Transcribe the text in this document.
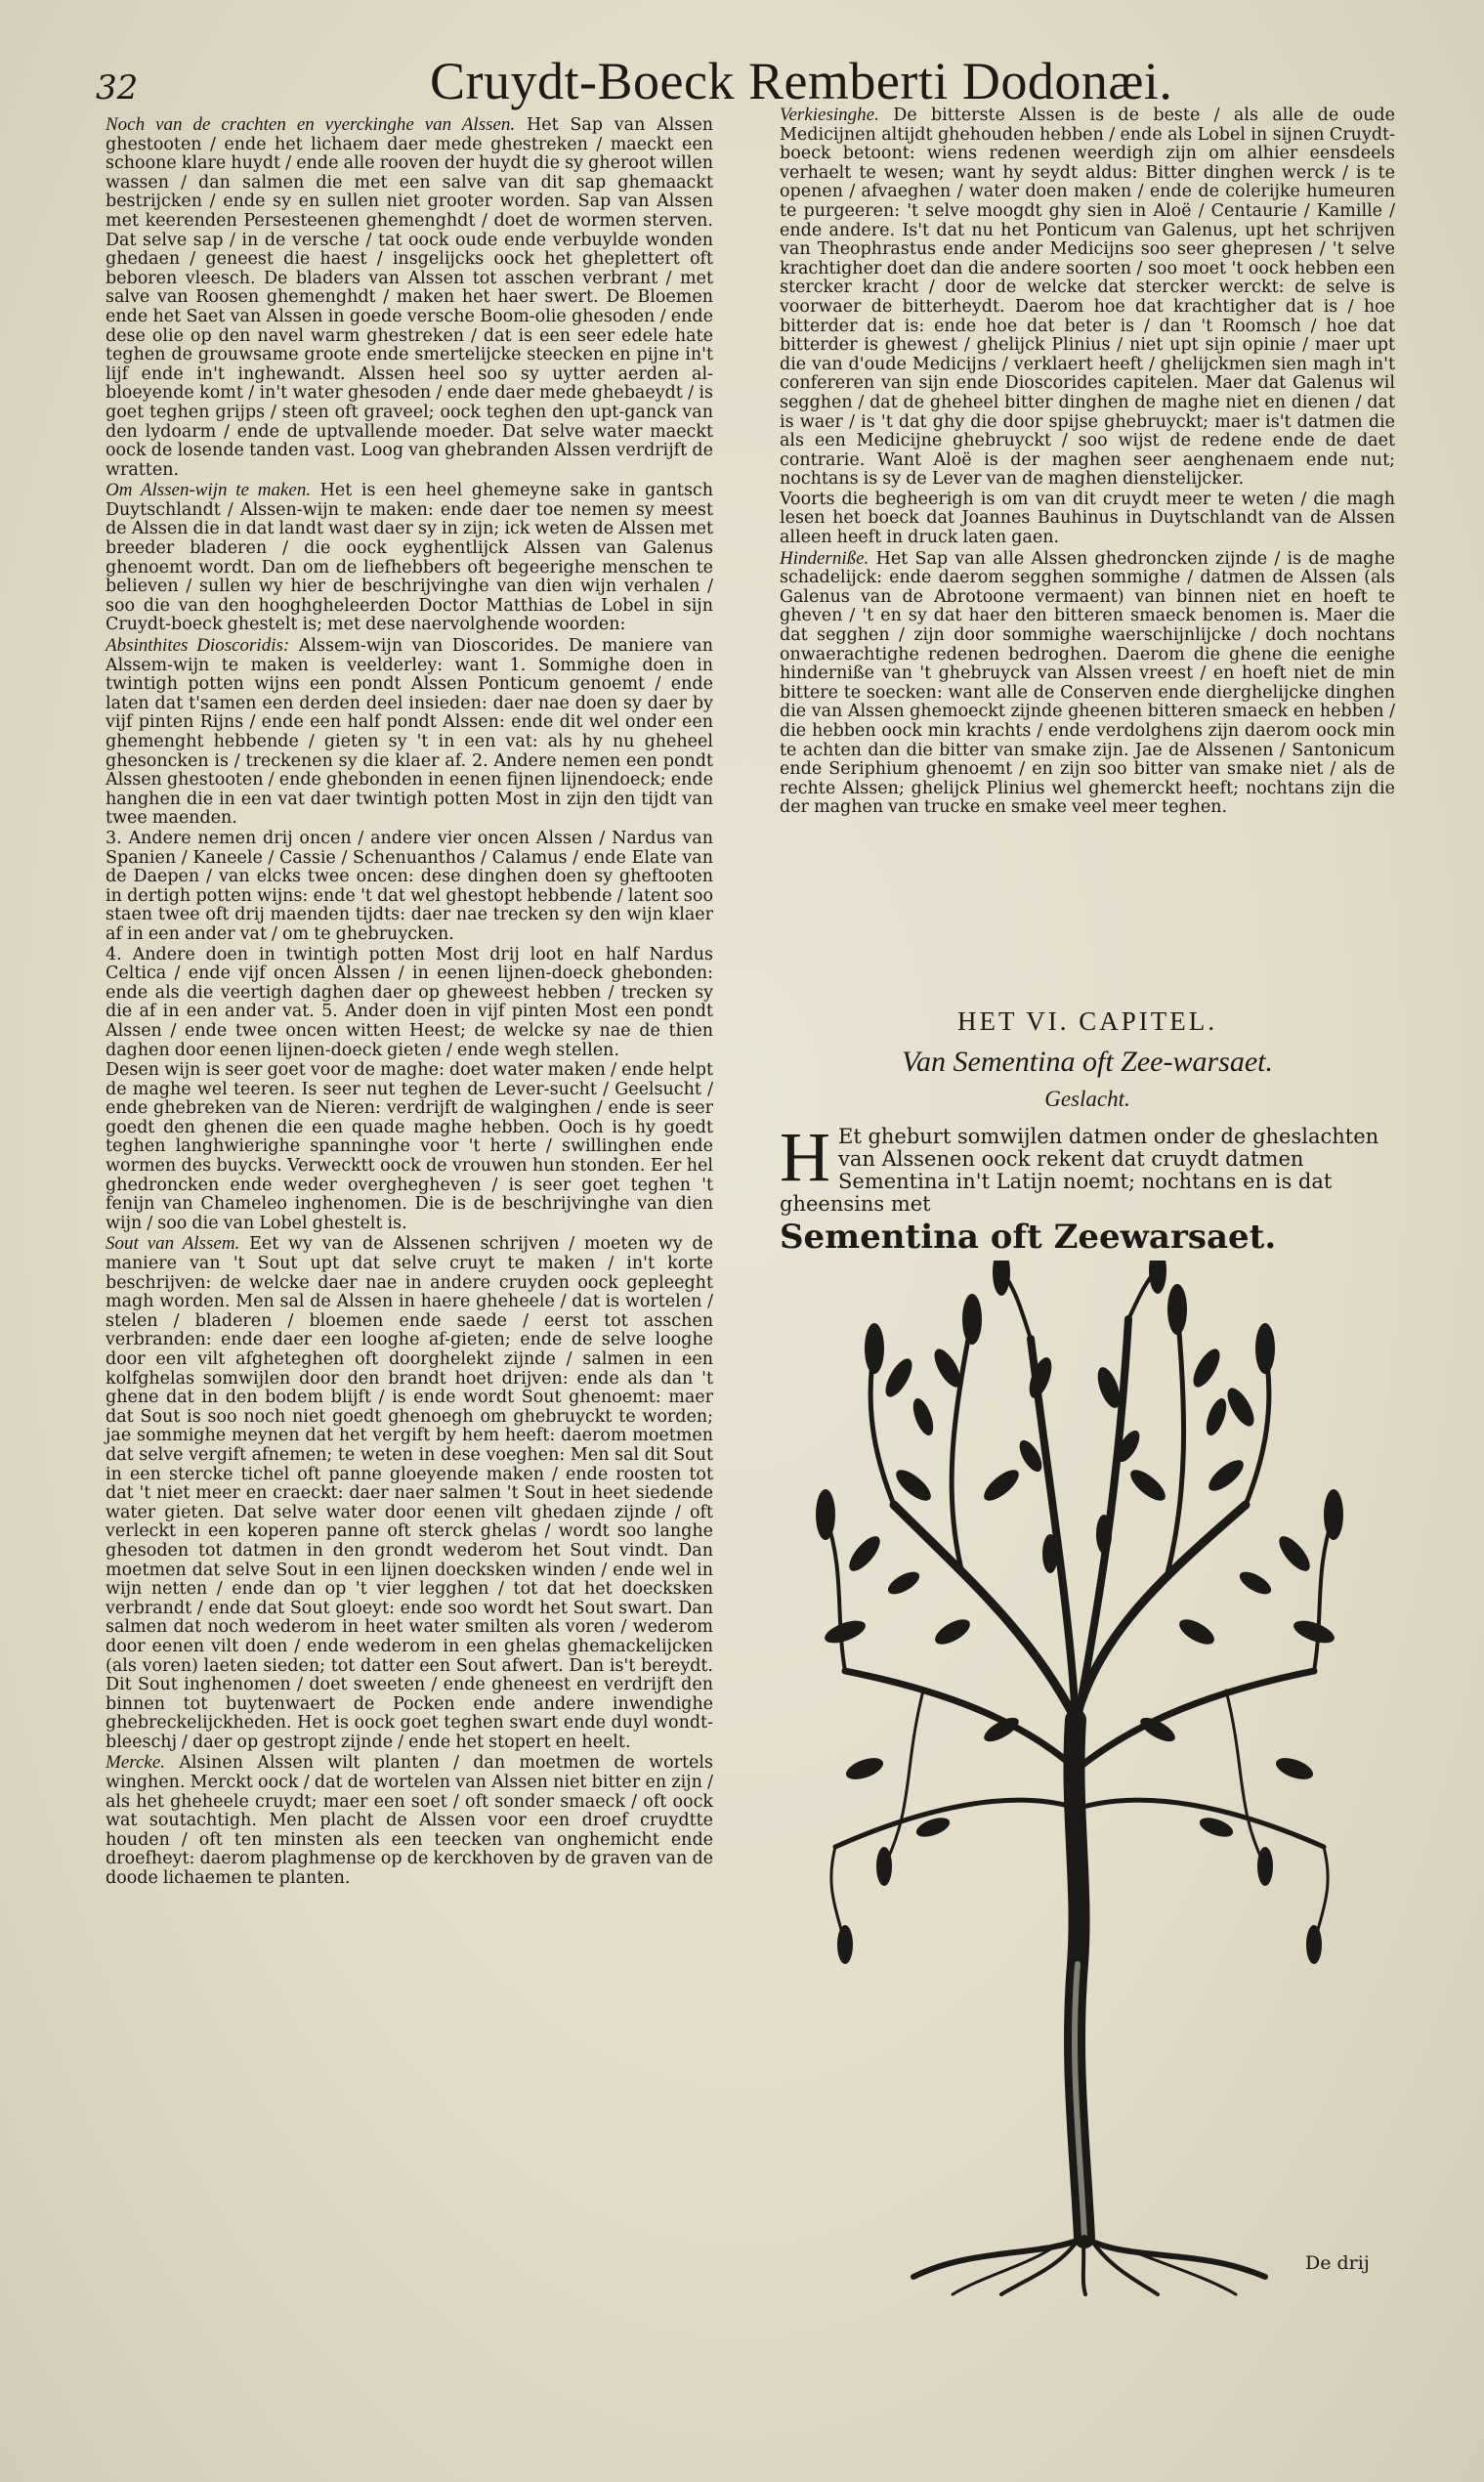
32	Cruydt-Boeck Remberti Dodonæi.

Noch van de crachten en vyerckinghe van Alssen. Het Sap van Alssen ghestooten / ende het lichaem daer mede ghestreken / maeckt een schoone klare huydt / ende alle rooven der huydt die sy gheroot willen wassen / dan salmen die met een salve van dit sap ghemaackt bestrijcken / ende sy en sullen niet grooter worden. Sap van Alssen met keerenden Persesteenen ghemenghdt / doet de wormen sterven. Dat selve sap / in de versche / tat oock oude ende verbuylde wonden ghedaen / geneest die haest / insgelijcks oock het gheplettert oft beboren vleesch. De bladers van Alssen tot asschen verbrant / met salve van Roosen ghemenghdt / maken het haer swert. De Bloemen ende het Saet van Alssen in goede versche Boom-olie ghesoden / ende dese olie op den navel warm ghestreken / dat is een seer edele hate teghen de grouwsame groote ende smertelijcke steecken en pijne in't lijf ende in't inghewandt. Alssen heel soo sy uytter aerden al-bloeyende komt / in't water ghesoden / ende daer mede ghebaeydt / is goet teghen grijps / steen oft graveel; oock teghen den upt-ganck van den lydoarm / ende de uptvallende moeder. Dat selve water maeckt oock de losende tanden vast. Loog van ghebranden Alssen verdrijft de wratten.

Om Alssen-wijn te maken. Het is een heel ghemeyne sake in gantsch Duytschlandt / Alssen-wijn te maken: ende daer toe nemen sy meest de Alssen die in dat landt wast daer sy in zijn; ick weten de Alssen met breeder bladeren / die oock eyghentlijck Alssen van Galenus ghenoemt wordt. Dan om de liefhebbers oft begeerighe menschen te believen / sullen wy hier de beschrijvinghe van dien wijn verhalen / soo die van den hooghgheleerden Doctor Matthias de Lobel in sijn Cruydt-boeck ghestelt is; met dese naervolghende woorden:

Absinthites Dioscoridis: Alssem-wijn van Dioscorides. De maniere van Alssem-wijn te maken is veelderley: want 1. Sommighe doen in twintigh potten wijns een pondt Alssen Ponticum genoemt / ende laten dat t'samen een derden deel insieden: daer nae doen sy daer by vijf pinten Rijns / ende een half pondt Alssen: ende dit wel onder een ghemenght hebbende / gieten sy 't in een vat: als hy nu gheheel ghesoncken is / treckenen sy die klaer af. 2. Andere nemen een pondt Alssen ghestooten / ende ghebonden in eenen fijnen lijnendoeck; ende hanghen die in een vat daer twintigh potten Most in zijn den tijdt van twee maenden.

3. Andere nemen drij oncen / andere vier oncen Alssen / Nardus van Spanien / Kaneele / Cassie / Schenuanthos / Calamus / ende Elate van de Daepen / van elcks twee oncen: dese dinghen doen sy gheftooten in dertigh potten wijns: ende 't dat wel ghestopt hebbende / latent soo staen twee oft drij maenden tijdts: daer nae trecken sy den wijn klaer af in een ander vat / om te ghebruycken.

4. Andere doen in twintigh potten Most drij loot en half Nardus Celtica / ende vijf oncen Alssen / in eenen lijnen-doeck ghebonden: ende als die veertigh daghen daer op gheweest hebben / trecken sy die af in een ander vat. 5. Ander doen in vijf pinten Most een pondt Alssen / ende twee oncen witten Heest; de welcke sy nae de thien daghen door eenen lijnen-doeck gieten / ende wegh stellen.

Desen wijn is seer goet voor de maghe: doet water maken / ende helpt de maghe wel teeren. Is seer nut teghen de Lever-sucht / Geelsucht / ende ghebreken van de Nieren: verdrijft de walginghen / ende is seer goedt den ghenen die een quade maghe hebben. Ooch is hy goedt teghen langhwierighe spanninghe voor 't herte / swillinghen ende wormen des buycks. Verwecktt oock de vrouwen hun stonden. Eer hel ghedroncken ende weder overghegheven / is seer goet teghen 't fenijn van Chameleo inghenomen. Die is de beschrijvinghe van dien wijn / soo die van Lobel ghestelt is.

Sout van Alssem. Eet wy van de Alssenen schrijven / moeten wy de maniere van 't Sout upt dat selve cruyt te maken / in't korte beschrijven: de welcke daer nae in andere cruyden oock gepleeght magh worden. Men sal de Alssen in haere gheheele / dat is wortelen / stelen / bladeren / bloemen ende saede / eerst tot asschen verbranden: ende daer een looghe af-gieten; ende de selve looghe door een vilt afgheteghen oft doorghelekt zijnde / salmen in een kolfghelas somwijlen door den brandt hoet drijven: ende als dan 't ghene dat in den bodem blijft / is ende wordt Sout ghenoemt: maer dat Sout is soo noch niet goedt ghenoegh om ghebruyckt te worden; jae sommighe meynen dat het vergift by hem heeft: daerom moetmen dat selve vergift afnemen; te weten in dese voeghen: Men sal dit Sout in een stercke tichel oft panne gloeyende maken / ende roosten tot dat 't niet meer en craeckt: daer naer salmen 't Sout in heet siedende water gieten. Dat selve water door eenen vilt ghedaen zijnde / oft verleckt in een koperen panne oft sterck ghelas / wordt soo langhe ghesoden tot datmen in den grondt wederom het Sout vindt. Dan moetmen dat selve Sout in een lijnen doecksken winden / ende wel in wijn netten / ende dan op 't vier legghen / tot dat het doecksken verbrandt / ende dat Sout gloeyt: ende soo wordt het Sout swart. Dan salmen dat noch wederom in heet water smilten als voren / wederom door eenen vilt doen / ende wederom in een ghelas ghemackelijcken (als voren) laeten sieden; tot datter een Sout afwert. Dan is't bereydt. Dit Sout inghenomen / doet sweeten / ende gheneest en verdrijft den binnen tot buytenwaert de Pocken ende andere inwendighe ghebreckelijckheden. Het is oock goet teghen swart ende duyl wondt-bleeschj / daer op gestropt zijnde / ende het stopert en heelt.

Mercke. Alsinen Alssen wilt planten / dan moetmen de wortels winghen. Merckt oock / dat de wortelen van Alssen niet bitter en zijn / als het gheheele cruydt; maer een soet / oft sonder smaeck / oft oock wat soutachtigh. Men placht de Alssen voor een droef cruydtte houden / oft ten minsten als een teecken van onghemicht ende droefheyt: daerom plaghmense op de kerckhoven by de graven van de doode lichaemen te planten.

Verkiesinghe. De bitterste Alssen is de beste / als alle de oude Medicijnen altijdt ghehouden hebben / ende als Lobel in sijnen Cruydt-boeck betoont: wiens redenen weerdigh zijn om alhier eensdeels verhaelt te wesen; want hy seydt aldus: Bitter dinghen werck / is te openen / afvaeghen / water doen maken / ende de colerijke humeuren te purgeeren: 't selve moogdt ghy sien in Aloë / Centaurie / Kamille / ende andere. Is't dat nu het Ponticum van Galenus, upt het schrijven van Theophrastus ende ander Medicijns soo seer ghepresen / 't selve krachtigher doet dan die andere soorten / soo moet 't oock hebben een stercker kracht / door de welcke dat stercker werckt: de selve is voorwaer de bitterheydt. Daerom hoe dat krachtigher dat is / hoe bitterder dat is: ende hoe dat beter is / dan 't Roomsch / hoe dat bitterder is ghewest / ghelijck Plinius / niet upt sijn opinie / maer upt die van d'oude Medicijns / verklaert heeft / ghelijckmen sien magh in't confereren van sijn ende Dioscorides capitelen. Maer dat Galenus wil segghen / dat de gheheel bitter dinghen de maghe niet en dienen / dat is waer / is 't dat ghy die door spijse ghebruyckt; maer is't datmen die als een Medicijne ghebruyckt / soo wijst de redene ende de daet contrarie. Want Aloë is der maghen seer aenghenaem ende nut; nochtans is sy de Lever van de maghen dienstelijcker.

Voorts die begheerigh is om van dit cruydt meer te weten / die magh lesen het boeck dat Joannes Bauhinus in Duytschlandt van de Alssen alleen heeft in druck laten gaen.

Hinderniße. Het Sap van alle Alssen ghedroncken zijnde / is de maghe schadelijck: ende daerom segghen sommighe / datmen de Alssen (als Galenus van de Abrotoone vermaent) van binnen niet en hoeft te gheven / 't en sy dat haer den bitteren smaeck benomen is. Maer die dat segghen / zijn door sommighe waerschijnlijcke / doch nochtans onwaerachtighe redenen bedroghen. Daerom die ghene die eenighe hinderniße van 't ghebruyck van Alssen vreest / en hoeft niet de min bittere te soecken: want alle de Conserven ende dierghelijcke dinghen die van Alssen ghemoeckt zijnde gheenen bitteren smaeck en hebben / die hebben oock min krachts / ende verdolghens zijn daerom oock min te achten dan die bitter van smake zijn. Jae de Alssenen / Santonicum ende Seriphium ghenoemt / en zijn soo bitter van smake niet / als de rechte Alssen; ghelijck Plinius wel ghemerckt heeft; nochtans zijn die der maghen van trucke en smake veel meer teghen.

HET VI. CAPITEL.
Van Sementina oft Zee-warsaet.
Geslacht.
H Et gheburt somwijlen datmen onder de gheslachten van Alssenen oock rekent dat cruydt datmen Sementina in't Latijn noemt; nochtans en is dat gheensins met
Sementina oft Zeewarsaet.
De drij
